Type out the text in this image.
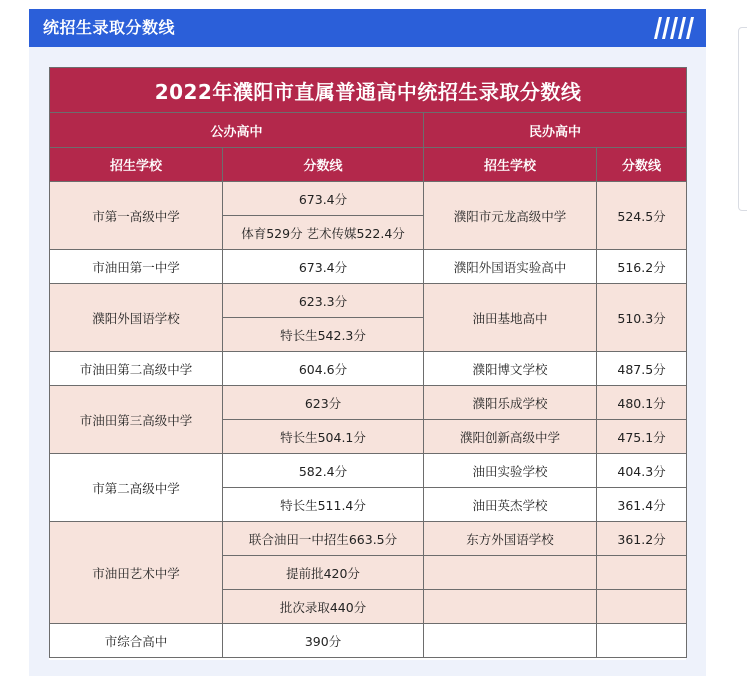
统招生录取分数线
2022年濮阳市直属普通高中统招生录取分数线			
公办高中		民办高中	
招生学校	分数线	招生学校	分数线
市第一高级中学	673.4分	濮阳市元龙高级中学	524.5分
	体育529分 艺术传媒522.4分		
市油田第一中学	673.4分	濮阳外国语实验高中	516.2分
濮阳外国语学校	623.3分	油田基地高中	510.3分
	特长生542.3分		
市油田第二高级中学	604.6分	濮阳博文学校	487.5分
市油田第三高级中学	623分	濮阳乐成学校	480.1分
	特长生504.1分	濮阳创新高级中学	475.1分
市第二高级中学	582.4分	油田实验学校	404.3分
	特长生511.4分	油田英杰学校	361.4分
市油田艺术中学	联合油田一中招生663.5分	东方外国语学校	361.2分
	提前批420分		
	批次录取440分		
市综合高中	390分		
